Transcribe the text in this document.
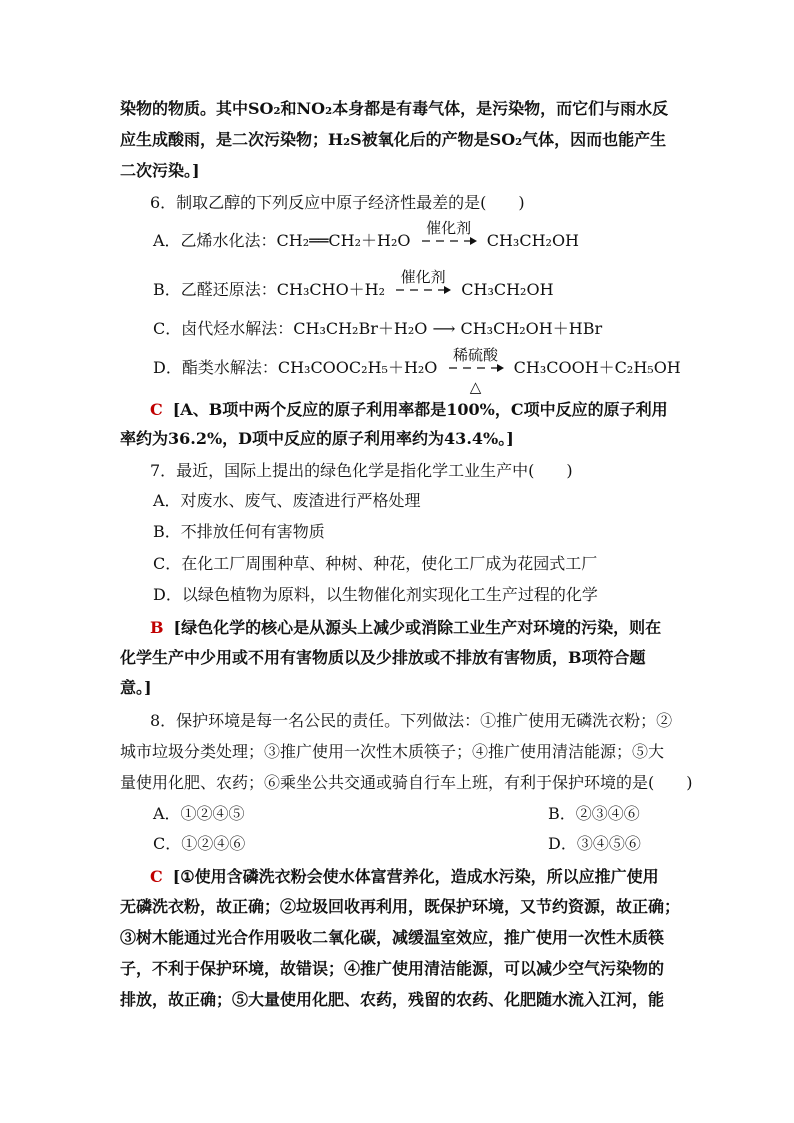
染物的物质。其中SO₂和NO₂本身都是有毒气体，是污染物，而它们与雨水反
应生成酸雨，是二次污染物；H₂S被氧化后的产物是SO₂气体，因而也能产生
二次污染。]
6．制取乙醇的下列反应中原子经济性最差的是(　　)
A．乙烯水化法：CH₂══CH₂＋H₂O
催化剂
CH₃CH₂OH
B．乙醛还原法：CH₃CHO＋H₂
催化剂
CH₃CH₂OH
C．卤代烃水解法：CH₃CH₂Br＋H₂O ⟶ CH₃CH₂OH＋HBr
D．酯类水解法：CH₃COOC₂H₅＋H₂O
稀硫酸
△
CH₃COOH＋C₂H₅OH
C [A、B项中两个反应的原子利用率都是100%，C项中反应的原子利用
率约为36.2%，D项中反应的原子利用率约为43.4%。]
7．最近，国际上提出的绿色化学是指化学工业生产中(　　)
A．对废水、废气、废渣进行严格处理
B．不排放任何有害物质
C．在化工厂周围种草、种树、种花，使化工厂成为花园式工厂
D．以绿色植物为原料，以生物催化剂实现化工生产过程的化学
B [绿色化学的核心是从源头上减少或消除工业生产对环境的污染，则在
化学生产中少用或不用有害物质以及少排放或不排放有害物质，B项符合题
意。]
8．保护环境是每一名公民的责任。下列做法：①推广使用无磷洗衣粉；②
城市垃圾分类处理；③推广使用一次性木质筷子；④推广使用清洁能源；⑤大
量使用化肥、农药；⑥乘坐公共交通或骑自行车上班，有利于保护环境的是(　　)
A．①②④⑤	B．②③④⑥
C．①②④⑥	D．③④⑤⑥
C [①使用含磷洗衣粉会使水体富营养化，造成水污染，所以应推广使用
无磷洗衣粉，故正确；②垃圾回收再利用，既保护环境，又节约资源，故正确；
③树木能通过光合作用吸收二氧化碳，减缓温室效应，推广使用一次性木质筷
子，不利于保护环境，故错误；④推广使用清洁能源，可以减少空气污染物的
排放，故正确；⑤大量使用化肥、农药，残留的农药、化肥随水流入江河，能
